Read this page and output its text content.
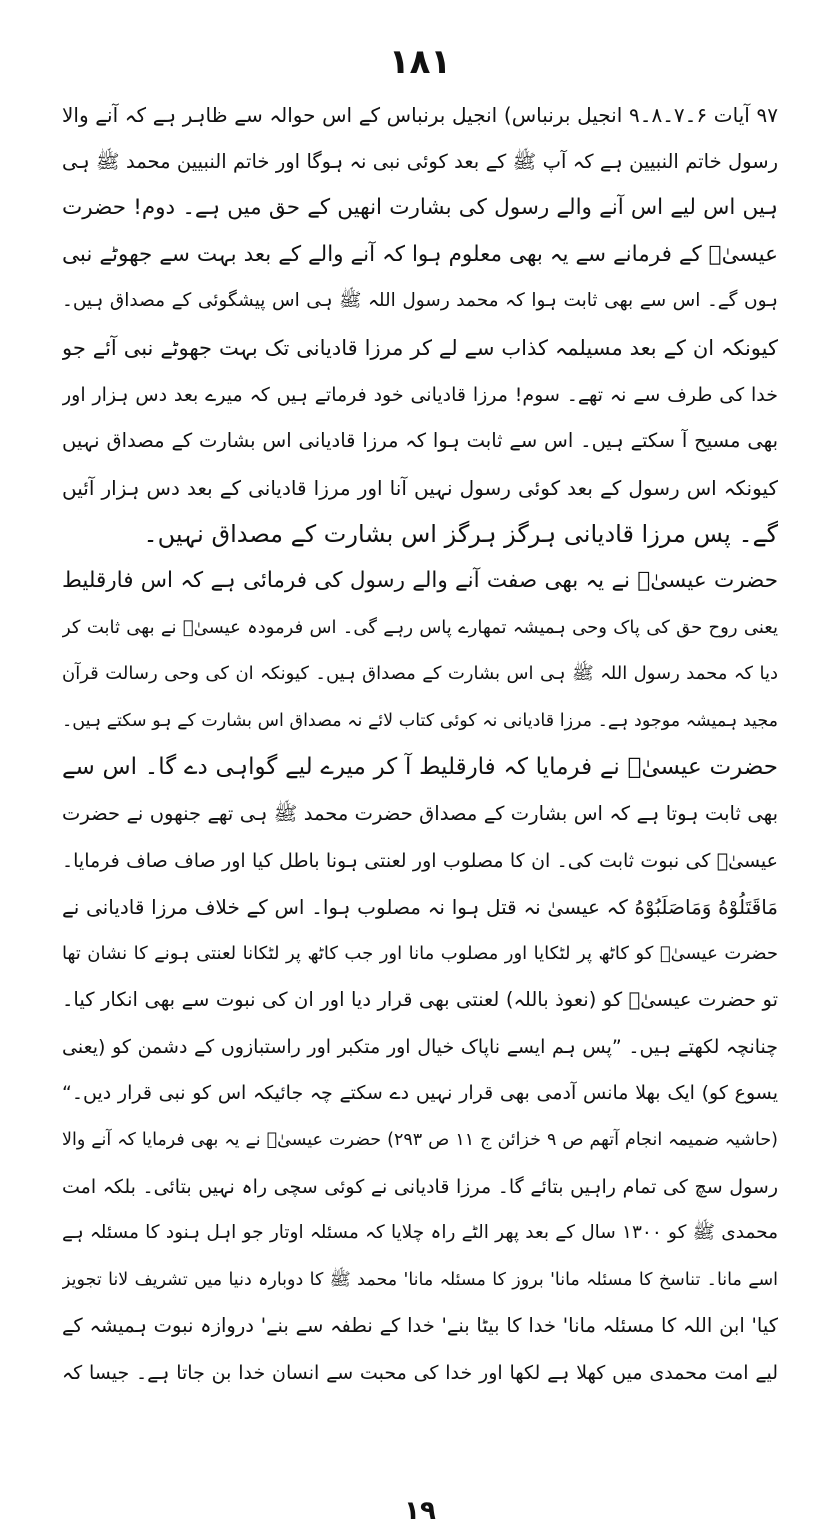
١٨١
۹۷ آیات ۶۔۷۔۸۔۹ انجیل برنباس) انجیل برنباس کے اس حوالہ سے ظاہر ہے کہ آنے والا
رسول خاتم النبیین ہے کہ آپ ﷺ کے بعد کوئی نبی نہ ہوگا اور خاتم النبیین محمد ﷺ ہی
ہیں اس لیے اس آنے والے رسول کی بشارت انھیں کے حق میں ہے۔ دوم! حضرت
عیسیٰؑ کے فرمانے سے یہ بھی معلوم ہوا کہ آنے والے کے بعد بہت سے جھوٹے نبی
ہوں گے۔ اس سے بھی ثابت ہوا کہ محمد رسول اللہ ﷺ ہی اس پیشگوئی کے مصداق ہیں۔
کیونکہ ان کے بعد مسیلمہ کذاب سے لے کر مرزا قادیانی تک بہت جھوٹے نبی آئے جو
خدا کی طرف سے نہ تھے۔ سوم! مرزا قادیانی خود فرماتے ہیں کہ میرے بعد دس ہزار اور
بھی مسیح آ سکتے ہیں۔ اس سے ثابت ہوا کہ مرزا قادیانی اس بشارت کے مصداق نہیں
کیونکہ اس رسول کے بعد کوئی رسول نہیں آنا اور مرزا قادیانی کے بعد دس ہزار آئیں
گے۔ پس مرزا قادیانی ہرگز ہرگز اس بشارت کے مصداق نہیں۔
حضرت عیسیٰؑ نے یہ بھی صفت آنے والے رسول کی فرمائی ہے کہ اس فارقلیط
یعنی روح حق کی پاک وحی ہمیشہ تمھارے پاس رہے گی۔ اس فرمودہ عیسیٰؑ نے بھی ثابت کر
دیا کہ محمد رسول اللہ ﷺ ہی اس بشارت کے مصداق ہیں۔ کیونکہ ان کی وحی رسالت قرآن
مجید ہمیشہ موجود ہے۔ مرزا قادیانی نہ کوئی کتاب لائے نہ مصداق اس بشارت کے ہو سکتے ہیں۔
حضرت عیسیٰؑ نے فرمایا کہ فارقلیط آ کر میرے لیے گواہی دے گا۔ اس سے
بھی ثابت ہوتا ہے کہ اس بشارت کے مصداق حضرت محمد ﷺ ہی تھے جنھوں نے حضرت
عیسیٰؑ کی نبوت ثابت کی۔ ان کا مصلوب اور لعنتی ہونا باطل کیا اور صاف صاف فرمایا۔
مَاقَتَلُوْهُ وَمَاصَلَبُوْهُ کہ عیسیٰ نہ قتل ہوا نہ مصلوب ہوا۔ اس کے خلاف مرزا قادیانی نے
حضرت عیسیٰؑ کو کاٹھ پر لٹکایا اور مصلوب مانا اور جب کاٹھ پر لٹکانا لعنتی ہونے کا نشان تھا
تو حضرت عیسیٰؑ کو (نعوذ باللہ) لعنتی بھی قرار دیا اور ان کی نبوت سے بھی انکار کیا۔
چنانچہ لکھتے ہیں۔ ”پس ہم ایسے ناپاک خیال اور متکبر اور راستبازوں کے دشمن کو (یعنی
یسوع کو) ایک بھلا مانس آدمی بھی قرار نہیں دے سکتے چہ جائیکہ اس کو نبی قرار دیں۔“
(حاشیہ ضمیمہ انجام آتھم ص ۹ خزائن ج ۱۱ ص ۲۹۳) حضرت عیسیٰؑ نے یہ بھی فرمایا کہ آنے والا
رسول سچ کی تمام راہیں بتائے گا۔ مرزا قادیانی نے کوئی سچی راہ نہیں بتائی۔ بلکہ امت
محمدی ﷺ کو ۱۳۰۰ سال کے بعد پھر الٹے راہ چلایا کہ مسئلہ اوتار جو اہل ہنود کا مسئلہ ہے
اسے مانا۔ تناسخ کا مسئلہ مانا' بروز کا مسئلہ مانا' محمد ﷺ کا دوبارہ دنیا میں تشریف لانا تجویز
کیا' ابن اللہ کا مسئلہ مانا' خدا کا بیٹا بنے' خدا کے نطفہ سے بنے' دروازہ نبوت ہمیشہ کے
لیے امت محمدی میں کھلا ہے لکھا اور خدا کی محبت سے انسان خدا بن جاتا ہے۔ جیسا کہ
١٩
